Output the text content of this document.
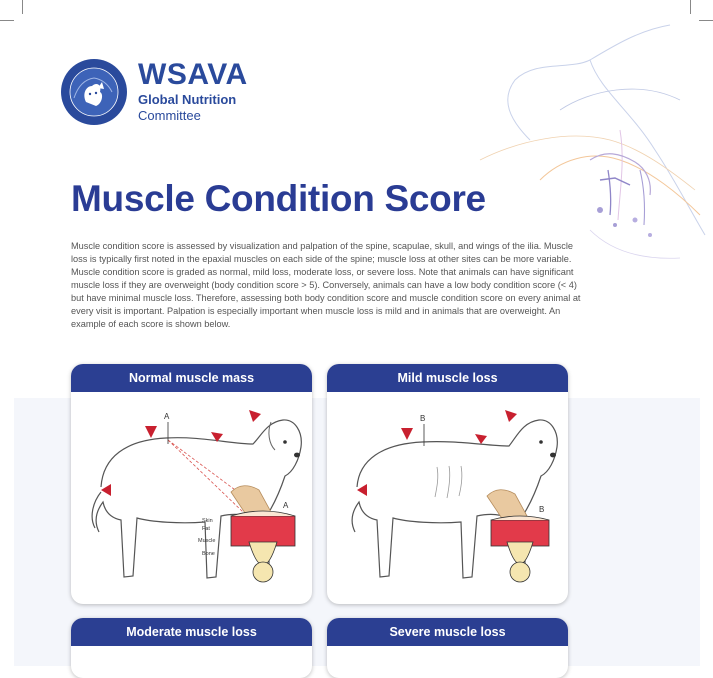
WSAVA
Global Nutrition
Committee
Muscle Condition Score

Muscle condition score is assessed by visualization and palpation of the spine, scapulae, skull, and wings of the ilia. Muscle loss is typically first noted in the epaxial muscles on each side of the spine; muscle loss at other sites can be more variable. Muscle condition score is graded as normal, mild loss, moderate loss, or severe loss. Note that animals can have significant muscle loss if they are overweight (body condition score > 5). Conversely, animals can have a low body condition score (< 4) but have minimal muscle loss. Therefore, assessing both body condition score and muscle condition score on every animal at every visit is important. Palpation is especially important when muscle loss is mild and in animals that are overweight. An example of each score is shown below.

Normal muscle mass
A
A
Skin
Fat
Muscle
Bone
Mild muscle loss
B
B
Moderate muscle loss	Severe muscle loss
